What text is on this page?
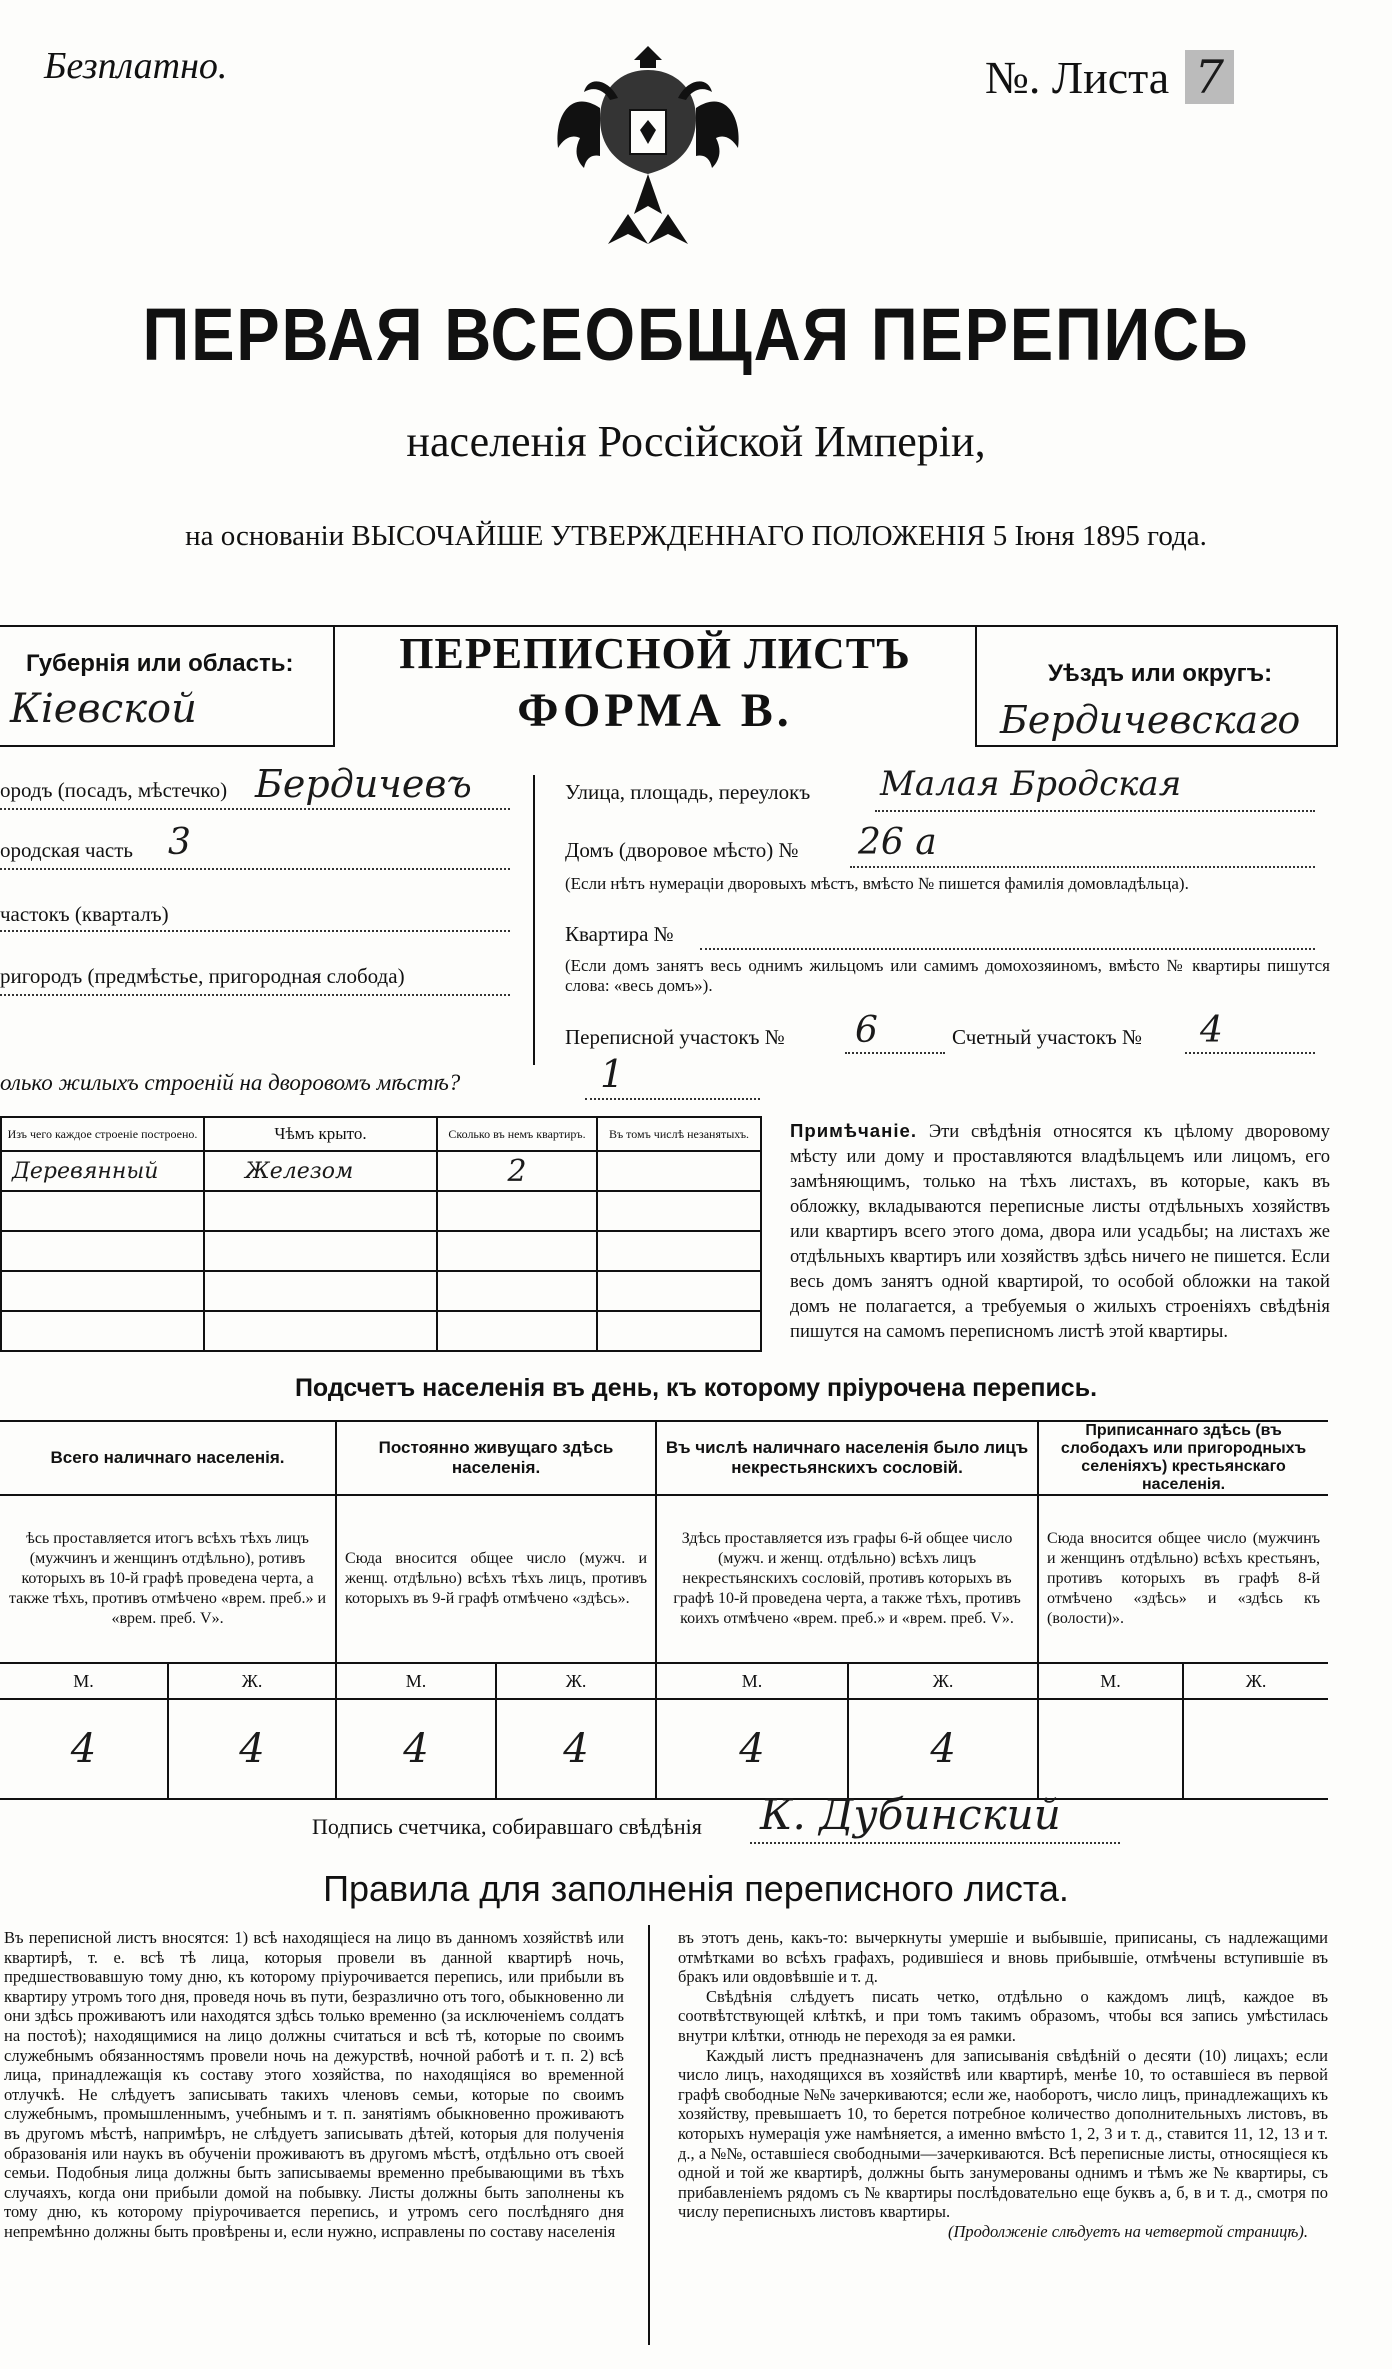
Безплатно.	№. Листа 7
ПЕРВАЯ ВСЕОБЩАЯ ПЕРЕПИСЬ
населенія Россійской Имперіи,
на основаніи ВЫСОЧАЙШЕ УТВЕРЖДЕННАГО ПОЛОЖЕНІЯ 5 Іюня 1895 года.
Губернія или область:
Кіевской
ПЕРЕПИСНОЙ ЛИСТЪ
ФОРМА В.
Уѣздъ или округъ:
Бердичевскаго
ородъ (посадъ, мѣстечко) Бердичевъ
ородская часть 3
частокъ (кварталъ)
ригородъ (предмѣстье, пригородная слобода)
Улица, площадь, переулокъ Малая Бродская
Домъ (дворовое мѣсто) № 26 а
(Если нѣтъ нумераціи дворовыхъ мѣстъ, вмѣсто № пишется фамилія домовладѣльца).
Квартира №
(Если домъ занятъ весь однимъ жильцомъ или самимъ домохозяиномъ, вмѣсто № квартиры пишутся слова: «весь домъ»).
Переписной участокъ № 6	Счетный участокъ № 4
олько жилыхъ строеній на дворовомъ мѣстѣ?	1
Изъ чего каждое строеніе построено.	Чѣмъ крыто.	Сколько въ немъ квартиръ.	Въ томъ числѣ незанятыхъ.
Деревянный	Железом	2	

Примѣчаніе. Эти свѣдѣнія относятся къ цѣлому дворовому мѣсту или дому и проставляются владѣльцемъ или лицомъ, его замѣняющимъ, только на тѣхъ листахъ, въ которые, какъ въ обложку, вкладываются переписные листы отдѣльныхъ хозяйствъ или квартиръ всего этого дома, двора или усадьбы; на листахъ же отдѣльныхъ квартиръ или хозяйствъ здѣсь ничего не пишется. Если весь домъ занятъ одной квартирой, то особой обложки на такой домъ не полагается, а требуемыя о жилыхъ строеніяхъ свѣдѣнія пишутся на самомъ переписномъ листѣ этой квартиры.
Подсчетъ населенія въ день, къ которому пріурочена перепись.
Всего наличнаго населенія.		Постоянно живущаго здѣсь населенія.		Въ числѣ наличнаго населенія было лицъ некрестьянскихъ сословій.		Приписаннаго здѣсь (въ слободахъ или пригородныхъ селеніяхъ) крестьянскаго населенія.	
ѣсь проставляется итогъ всѣхъ тѣхъ лицъ (мужчинъ и женщинъ отдѣльно), ротивъ которыхъ въ 10-й графѣ проведена черта, а также тѣхъ, противъ отмѣчено «врем. преб.» и «врем. преб. V».		Сюда вносится общее число (мужч. и женщ. отдѣльно) всѣхъ тѣхъ лицъ, противъ которыхъ въ 9-й графѣ отмѣчено «здѣсь».		Здѣсь проставляется изъ графы 6-й общее число (мужч. и женщ. отдѣльно) всѣхъ лицъ некрестьянскихъ сословій, противъ которыхъ въ графѣ 10-й проведена черта, а также тѣхъ, противъ коихъ отмѣчено «врем. преб.» и «врем. преб. V».		Сюда вносится общее число (мужчинъ и женщинъ отдѣльно) всѣхъ крестьянъ, противъ которыхъ въ графѣ 8-й отмѣчено «здѣсь» и «здѣсь къ (волости)».	
М.	Ж.	М.	Ж.	М.	Ж.	М.	Ж.
4	4	4	4	4	4		
Подпись счетчика, собиравшаго свѣдѣнія К. Дубинский
Правила для заполненія переписного листа.
Въ переписной листъ вносятся: 1) всѣ находящіеся на лицо въ данномъ хозяйствѣ или квартирѣ, т. е. всѣ тѣ лица, которыя провели въ данной квартирѣ ночь, предшествовавшую тому дню, къ которому пріурочивается перепись, или прибыли въ квартиру утромъ того дня, проведя ночь въ пути, безразлично отъ того, обыкновенно ли они здѣсь проживаютъ или находятся здѣсь только временно (за исключеніемъ солдатъ на постоѣ); находящимися на лицо должны считаться и всѣ тѣ, которые по своимъ служебнымъ обязанностямъ провели ночь на дежурствѣ, ночной работѣ и т. п. 2) всѣ лица, принадлежащія къ составу этого хозяйства, по находящіяся во временной отлучкѣ. Не слѣдуетъ записывать такихъ членовъ семьи, которые по своимъ служебнымъ, промышленнымъ, учебнымъ и т. п. занятіямъ обыкновенно проживаютъ въ другомъ мѣстѣ, напримѣръ, не слѣдуетъ записывать дѣтей, которыя для полученія образованія или наукъ въ обученіи проживаютъ въ другомъ мѣстѣ, отдѣльно отъ своей семьи. Подобныя лица должны быть записываемы временно пребывающими въ тѣхъ случаяхъ, когда они прибыли домой на побывку. Листы должны быть заполнены къ тому дню, къ которому пріурочивается перепись, и утромъ сего послѣдняго дня непремѣнно должны быть провѣрены и, если нужно, исправлены по составу населенія
въ этотъ день, какъ-то: вычеркнуты умершіе и выбывшіе, приписаны, съ надлежащими отмѣтками во всѣхъ графахъ, родившіеся и вновь прибывшіе, отмѣчены вступившіе въ бракъ или овдовѣвшіе и т. д.
Свѣдѣнія слѣдуетъ писать четко, отдѣльно о каждомъ лицѣ, каждое въ соотвѣтствующей клѣткѣ, и при томъ такимъ образомъ, чтобы вся запись умѣстилась внутри клѣтки, отнюдь не переходя за ея рамки.
Каждый листъ предназначенъ для записыванія свѣдѣній о десяти (10) лицахъ; если число лицъ, находящихся въ хозяйствѣ или квартирѣ, менѣе 10, то оставшіеся въ первой графѣ свободные №№ зачеркиваются; если же, наоборотъ, число лицъ, принадлежащихъ къ хозяйству, превышаетъ 10, то берется потребное количество дополнительныхъ листовъ, въ которыхъ нумерація уже намѣняется, а именно вмѣсто 1, 2, 3 и т. д., ставится 11, 12, 13 и т. д., а №№, оставшіеся свободными—зачеркиваются. Всѣ переписные листы, относящіеся къ одной и той же квартирѣ, должны быть занумерованы однимъ и тѣмъ же № квартиры, съ прибавленіемъ рядомъ съ № квартиры послѣдовательно еще буквъ а, б, в и т. д., смотря по числу переписныхъ листовъ квартиры.
(Продолженіе слѣдуетъ на четвертой страницѣ).
